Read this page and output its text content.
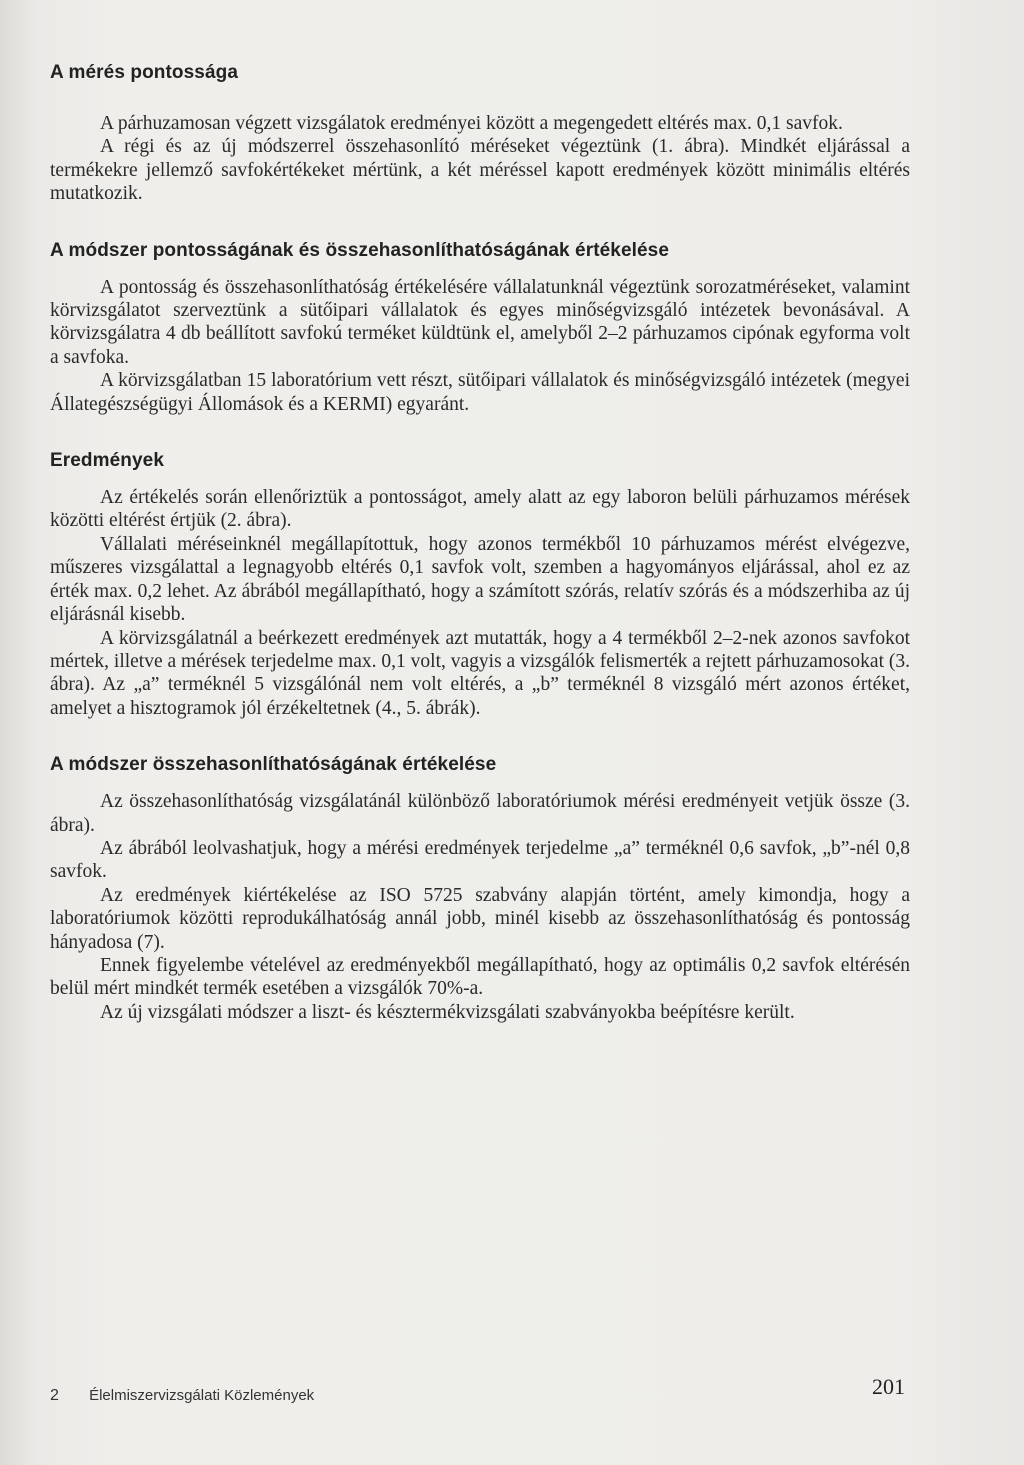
A mérés pontossága

A párhuzamosan végzett vizsgálatok eredményei között a megengedett eltérés max. 0,1 savfok.

A régi és az új módszerrel összehasonlító méréseket végeztünk (1. ábra). Mindkét eljárással a termékekre jellemző savfokértékeket mértünk, a két méréssel kapott eredmények között minimális eltérés mutatkozik.

A módszer pontosságának és összehasonlíthatóságának értékelése

A pontosság és összehasonlíthatóság értékelésére vállalatunknál végeztünk sorozatméréseket, valamint körvizsgálatot szerveztünk a sütőipari vállalatok és egyes minőségvizsgáló intézetek bevonásával. A körvizsgálatra 4 db beállított savfokú terméket küldtünk el, amelyből 2–2 párhuzamos cipónak egyforma volt a savfoka.

A körvizsgálatban 15 laboratórium vett részt, sütőipari vállalatok és minőségvizsgáló intézetek (megyei Állategészségügyi Állomások és a KERMI) egyaránt.

Eredmények

Az értékelés során ellenőriztük a pontosságot, amely alatt az egy laboron belüli párhuzamos mérések közötti eltérést értjük (2. ábra).

Vállalati méréseinknél megállapítottuk, hogy azonos termékből 10 párhuzamos mérést elvégezve, műszeres vizsgálattal a legnagyobb eltérés 0,1 savfok volt, szemben a hagyományos eljárással, ahol ez az érték max. 0,2 lehet. Az ábrából megállapítható, hogy a számított szórás, relatív szórás és a módszerhiba az új eljárásnál kisebb.

A körvizsgálatnál a beérkezett eredmények azt mutatták, hogy a 4 termékből 2–2-nek azonos savfokot mértek, illetve a mérések terjedelme max. 0,1 volt, vagyis a vizsgálók felismerték a rejtett párhuzamosokat (3. ábra). Az „a” terméknél 5 vizsgálónál nem volt eltérés, a „b” terméknél 8 vizsgáló mért azonos értéket, amelyet a hisztogramok jól érzékeltetnek (4., 5. ábrák).

A módszer összehasonlíthatóságának értékelése

Az összehasonlíthatóság vizsgálatánál különböző laboratóriumok mérési eredményeit vetjük össze (3. ábra).

Az ábrából leolvashatjuk, hogy a mérési eredmények terjedelme „a” terméknél 0,6 savfok, „b”-nél 0,8 savfok.

Az eredmények kiértékelése az ISO 5725 szabvány alapján történt, amely kimondja, hogy a laboratóriumok közötti reprodukálhatóság annál jobb, minél kisebb az összehasonlíthatóság és pontosság hányadosa (7).

Ennek figyelembe vételével az eredményekből megállapítható, hogy az optimális 0,2 savfok eltérésén belül mért mindkét termék esetében a vizsgálók 70%-a.

Az új vizsgálati módszer a liszt- és késztermékvizsgálati szabványokba beépítésre került.

2 Élelmiszervizsgálati Közlemények	201
